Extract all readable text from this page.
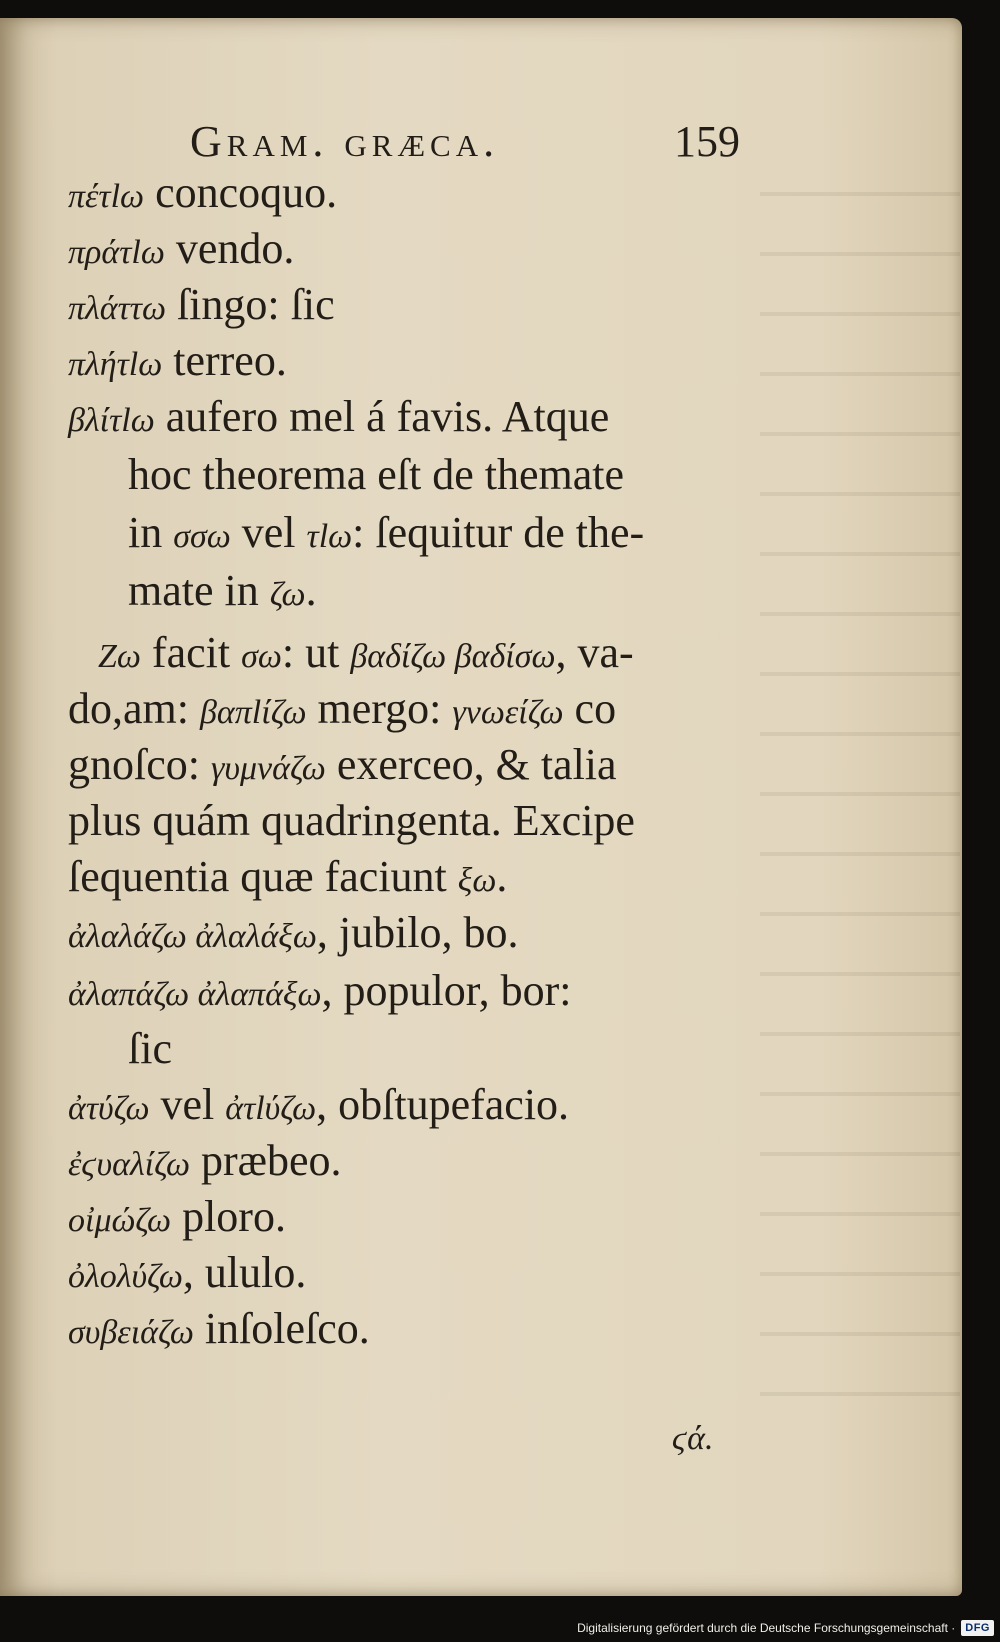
Gram. græca.	159
πέτlω concoquo.
πράτlω vendo.
πλάττω ſingo: ſic
πλήτlω terreo.
βλίτlω aufero mel á favis. Atque
hoc theorema eſt de themate
in σσω vel τlω: ſequitur de the-
mate in ζω.
Zω facit σω: ut βαδίζω βαδίσω, va-
do,am: βαπlίζω mergo: γνωείζω co
gnoſco: γυμνάζω exerceo, & talia
plus quám quadringenta. Excipe
ſequentia quæ faciunt ξω.
ἀλαλάζω ἀλαλάξω, jubilo, bo.
ἀλαπάζω ἀλαπάξω, populor, bor:
ſic
ἀτύζω vel ἀτlύζω, obſtupefacio.
ἐϛυαλίζω præbeo.
οἰμώζω ploro.
ὀλολύζω, ululo.
συβειάζω inſoleſco.
ϛά.
Digitalisierung gefördert durch die Deutsche Forschungsgemeinschaft · DFG
